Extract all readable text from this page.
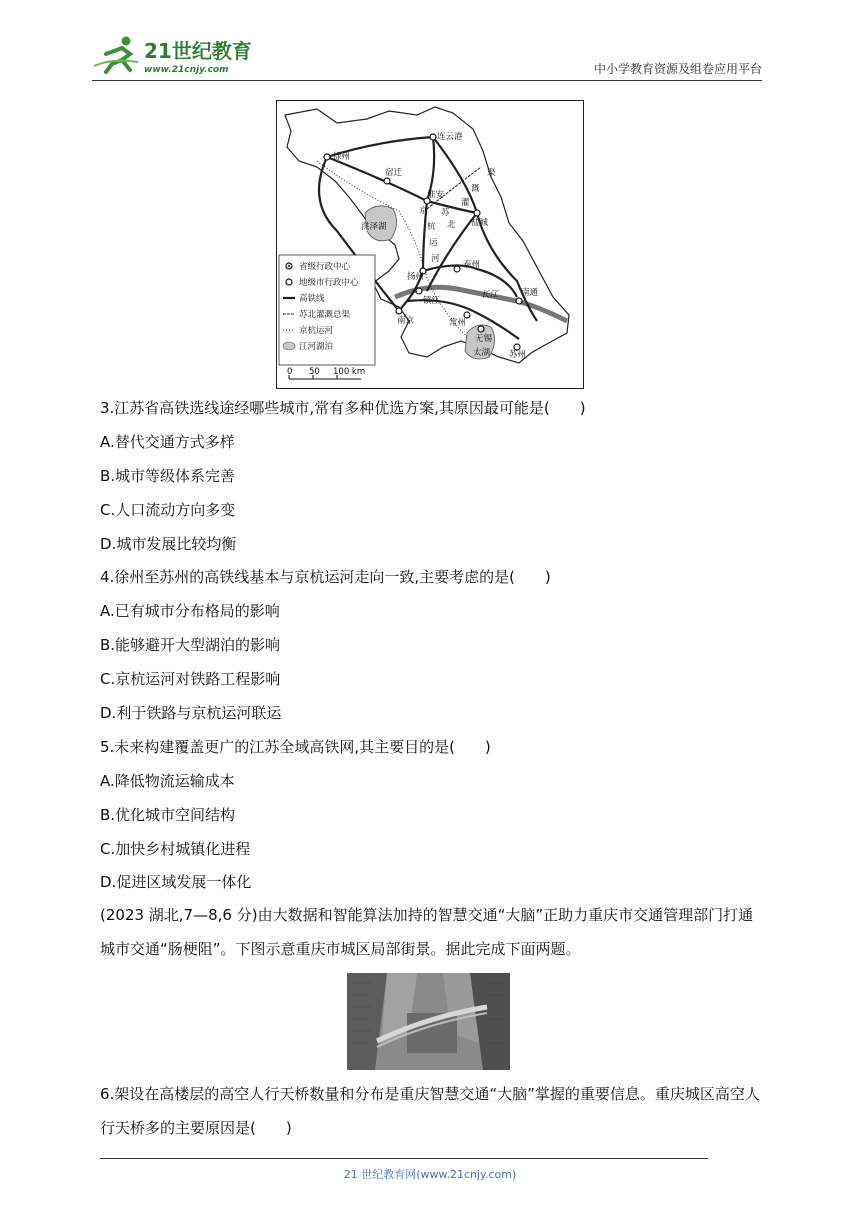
21世纪教育
www.21cnjy.com	中小学教育资源及组卷应用平台
连云港
徐州
宿迁
淮安
盐城
扬州
泰州
镇江
南京	常州
无锡
苏州
南通
洪泽湖
太湖
长江
京
杭
运
河
渠
溉
灌
苏
北
省级行政中心
地级市行政中心
高铁线
苏北灌溉总渠
京杭运河
江河湖泊
0 50 100 km
3.江苏省高铁选线途经哪些城市,常有多种优选方案,其原因最可能是(　　)
A.替代交通方式多样
B.城市等级体系完善
C.人口流动方向多变
D.城市发展比较均衡
4.徐州至苏州的高铁线基本与京杭运河走向一致,主要考虑的是(　　)
A.已有城市分布格局的影响
B.能够避开大型湖泊的影响
C.京杭运河对铁路工程影响
D.利于铁路与京杭运河联运
5.未来构建覆盖更广的江苏全域高铁网,其主要目的是(　　)
A.降低物流运输成本
B.优化城市空间结构
C.加快乡村城镇化进程
D.促进区域发展一体化
(2023 湖北,7—8,6 分)由大数据和智能算法加持的智慧交通“大脑”正助力重庆市交通管理部门打通城市交通“肠梗阻”。下图示意重庆市城区局部街景。据此完成下面两题。
6.架设在高楼层的高空人行天桥数量和分布是重庆智慧交通“大脑”掌握的重要信息。重庆城区高空人行天桥多的主要原因是(　　)
21 世纪教育网(www.21cnjy.com)
